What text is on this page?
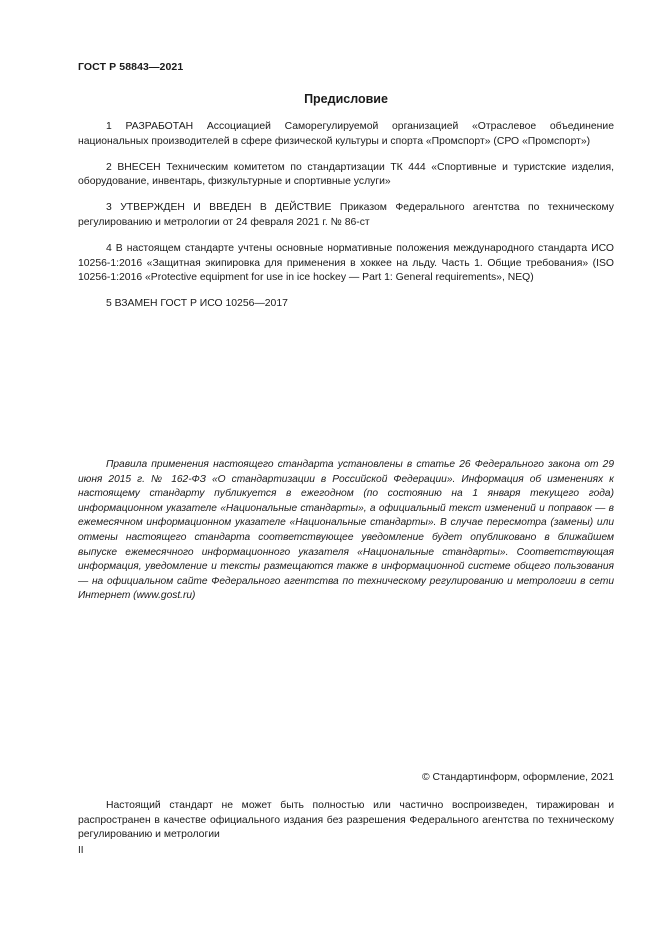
ГОСТ Р 58843—2021
Предисловие

1 РАЗРАБОТАН Ассоциацией Саморегулируемой организацией «Отраслевое объединение национальных производителей в сфере физической культуры и спорта «Промспорт» (СРО «Промспорт»)

2 ВНЕСЕН Техническим комитетом по стандартизации ТК 444 «Спортивные и туристские изделия, оборудование, инвентарь, физкультурные и спортивные услуги»

3 УТВЕРЖДЕН И ВВЕДЕН В ДЕЙСТВИЕ Приказом Федерального агентства по техническому регулированию и метрологии от 24 февраля 2021 г. № 86-ст

4 В настоящем стандарте учтены основные нормативные положения международного стандарта ИСО 10256-1:2016 «Защитная экипировка для применения в хоккее на льду. Часть 1. Общие требования» (ISO 10256-1:2016 «Protective equipment for use in ice hockey — Part 1: General requirements», NEQ)

5 ВЗАМЕН ГОСТ Р ИСО 10256—2017

Правила применения настоящего стандарта установлены в статье 26 Федерального закона от 29 июня 2015 г. № 162-ФЗ «О стандартизации в Российской Федерации». Информация об изменениях к настоящему стандарту публикуется в ежегодном (по состоянию на 1 января текущего года) информационном указателе «Национальные стандарты», а официальный текст изменений и поправок — в ежемесячном информационном указателе «Национальные стандарты». В случае пересмотра (замены) или отмены настоящего стандарта соответствующее уведомление будет опубликовано в ближайшем выпуске ежемесячного информационного указателя «Национальные стандарты». Соответствующая информация, уведомление и тексты размещаются также в информационной системе общего пользования — на официальном сайте Федерального агентства по техническому регулированию и метрологии в сети Интернет (www.gost.ru)

© Стандартинформ, оформление, 2021

Настоящий стандарт не может быть полностью или частично воспроизведен, тиражирован и распространен в качестве официального издания без разрешения Федерального агентства по техническому регулированию и метрологии

II
